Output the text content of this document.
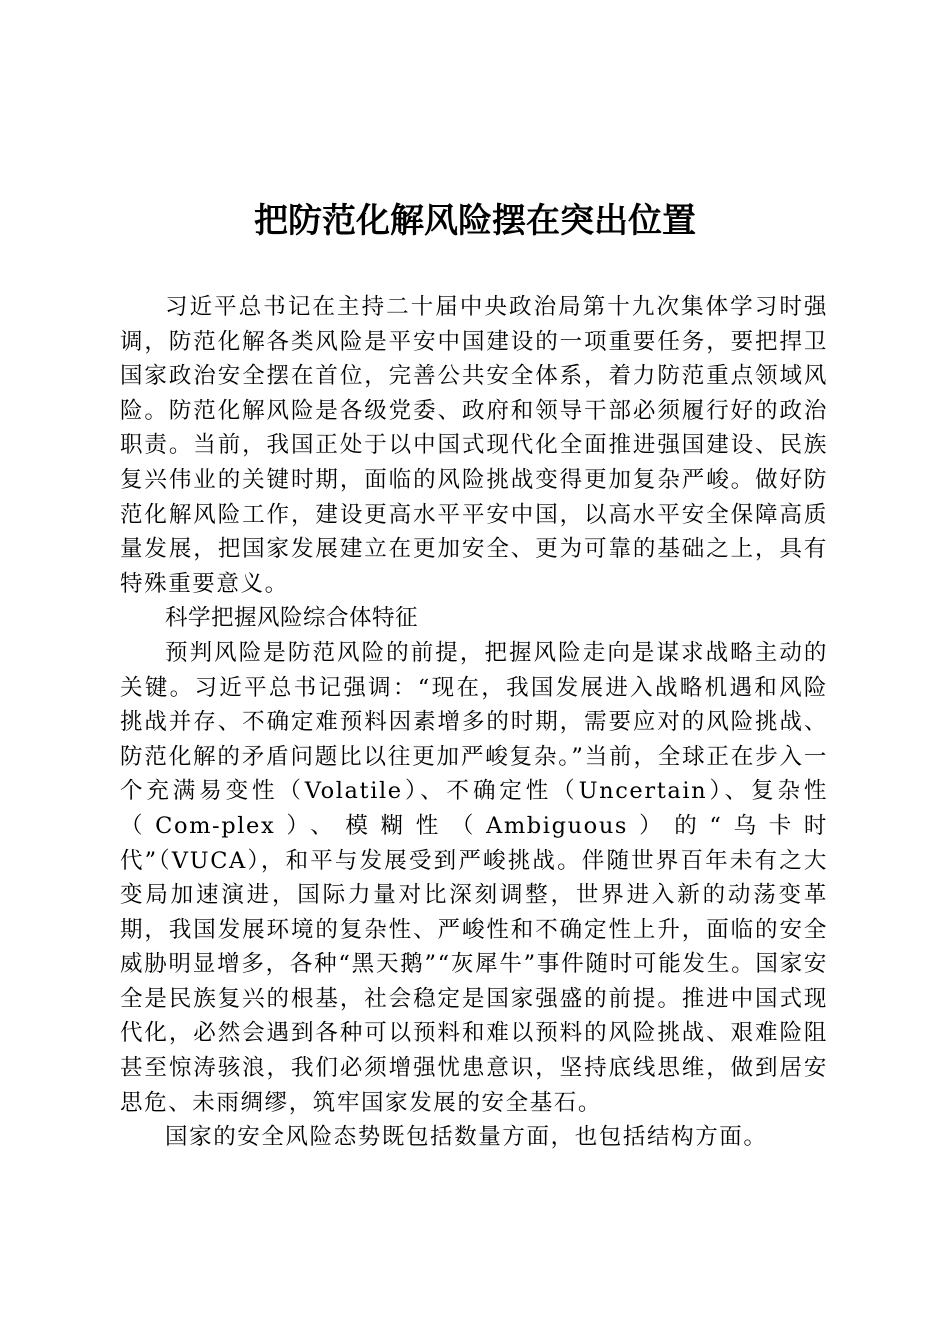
把防范化解风险摆在突出位置

习近平总书记在主持二十届中央政治局第十九次集体学习时强调，防范化解各类风险是平安中国建设的一项重要任务，要把捍卫国家政治安全摆在首位，完善公共安全体系，着力防范重点领域风险。防范化解风险是各级党委、政府和领导干部必须履行好的政治职责。当前，我国正处于以中国式现代化全面推进强国建设、民族复兴伟业的关键时期，面临的风险挑战变得更加复杂严峻。做好防范化解风险工作，建设更高水平平安中国，以高水平安全保障高质量发展，把国家发展建立在更加安全、更为可靠的基础之上，具有特殊重要意义。

科学把握风险综合体特征

预判风险是防范风险的前提，把握风险走向是谋求战略主动的关键。习近平总书记强调：“现在，我国发展进入战略机遇和风险挑战并存、不确定难预料因素增多的时期，需要应对的风险挑战、防范化解的矛盾问题比以往更加严峻复杂。”当前，全球正在步入一个充满易变性（Volatile）、不确定性（Uncertain）、复杂性（Com-plex）、模糊性（Ambiguous）的“乌卡时代”（VUCA），和平与发展受到严峻挑战。伴随世界百年未有之大变局加速演进，国际力量对比深刻调整，世界进入新的动荡变革期，我国发展环境的复杂性、严峻性和不确定性上升，面临的安全威胁明显增多，各种“黑天鹅”“灰犀牛”事件随时可能发生。国家安全是民族复兴的根基，社会稳定是国家强盛的前提。推进中国式现代化，必然会遇到各种可以预料和难以预料的风险挑战、艰难险阻甚至惊涛骇浪，我们必须增强忧患意识，坚持底线思维，做到居安思危、未雨绸缪，筑牢国家发展的安全基石。

国家的安全风险态势既包括数量方面，也包括结构方面。
